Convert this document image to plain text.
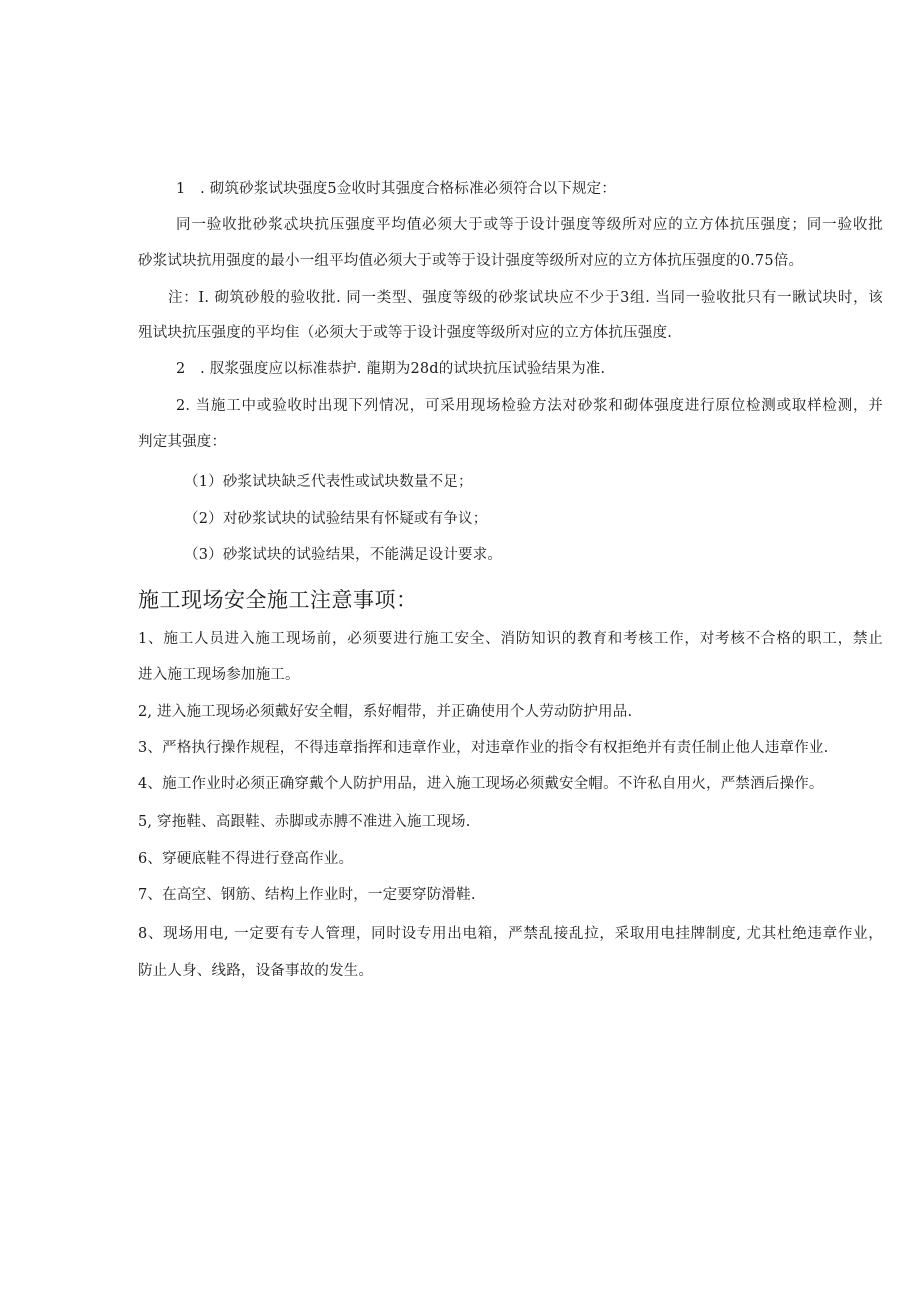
1　. 砌筑砂浆试块强度5佥收时其强度合格标准必须符合以下规定：
同一验收批砂浆忒块抗压强度平均值必须大于或等于设计强度等级所对应的立方体抗压强度；同一验收批
砂浆试块抗用强度的最小一组平均值必须大于或等于设计强度等级所对应的立方体抗压强度的0.75倍。
注：I. 砌筑砂般的验收批. 同一类型、强度等级的砂浆试块应不少于3组. 当同一验收批只有一瞅试块时，该
殂试块抗压强度的平均隹（必须大于或等于设计强度等级所对应的立方体抗压强度.
2　. 肞浆强度应以标准恭护. 龍期为28d的试块抗压试验结果为准.
2. 当施工中或验收时出现下列情况，可采用现场检验方法对砂浆和砌体强度进行原位检测或取样检测，并
判定其强度：
（1）砂浆试块缺乏代表性或试块数量不足；
（2）对砂浆试块的试验结果有怀疑或有争议；
（3）砂浆试块的试验结果，不能满足设计要求。
施工现场安全施工注意事项：
1、施工人员进入施工现场前，必须要进行施工安全、消防知识的教育和考核工作，对考核不合格的职工，禁止
进入施工现场参加施工。
2, 进入施工现场必须戴好安全帽，系好帽带，并正确使用个人劳动防护用品.
3、严格执行操作规程，不得违章指挥和违章作业，对违章作业的指令有权拒绝并有责任制止他人违章作业.
4、施工作业时必须正确穿戴个人防护用品，进入施工现场必须戴安全帽。不许私自用火，严禁酒后操作。
5, 穿拖鞋、高跟鞋、赤脚或赤膊不准进入施工现场.
6、穿硬底鞋不得进行登高作业。
7、在高空、钢筋、结构上作业时，一定要穿防滑鞋.
8、现场用电, 一定要有专人管理，同时设专用出电箱，严禁乱接乱拉，采取用电挂牌制度, 尤其杜绝违章作业，
防止人身、线路，设备事故的发生。
